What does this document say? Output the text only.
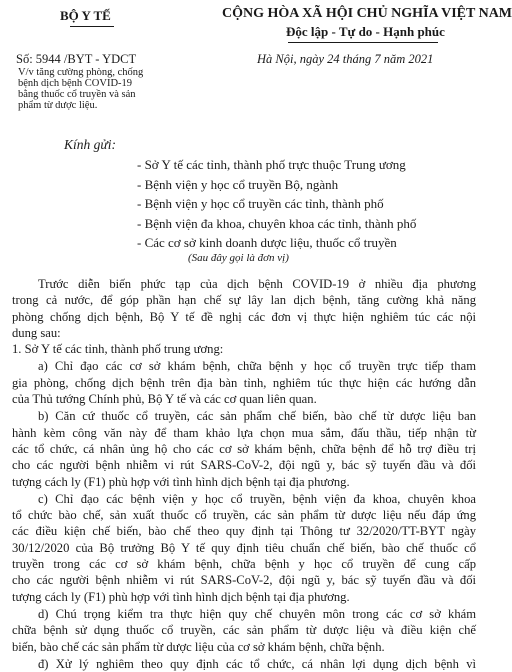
BỘ Y TẾ	CỘNG HÒA XÃ HỘI CHỦ NGHĨA VIỆT NAM
Độc lập - Tự do - Hạnh phúc
Số: 5944 /BYT - YDCT	Hà Nội, ngày 24 tháng 7 năm 2021
V/v tăng cường phòng, chống
bệnh dịch bệnh COVID-19
bằng thuốc cổ truyền và sản
phẩm từ dược liệu.
Kính gửi:
- Sở Y tế các tỉnh, thành phố trực thuộc Trung ương
- Bệnh viện y học cổ truyền Bộ, ngành
- Bệnh viện y học cổ truyền các tỉnh, thành phố
- Bệnh viện đa khoa, chuyên khoa các tỉnh, thành phố
- Các cơ sở kinh doanh dược liệu, thuốc cổ truyền
(Sau đây gọi là đơn vị)

Trước diễn biến phức tạp của dịch bệnh COVID-19 ở nhiều địa phương
trong cả nước, để góp phần hạn chế sự lây lan dịch bệnh, tăng cường khả năng
phòng chống dịch bệnh, Bộ Y tế đề nghị các đơn vị thực hiện nghiêm túc các nội
dung sau:

1. Sở Y tế các tỉnh, thành phố trung ương:

a) Chỉ đạo các cơ sở khám bệnh, chữa bệnh y học cổ truyền trực tiếp tham
gia phòng, chống dịch bệnh trên địa bàn tỉnh, nghiêm túc thực hiện các hướng dẫn
của Thủ tướng Chính phủ, Bộ Y tế và các cơ quan liên quan.

b) Căn cứ thuốc cổ truyền, các sản phẩm chế biến, bào chế từ dược liệu ban
hành kèm công văn này để tham khảo lựa chọn mua sắm, đấu thầu, tiếp nhận từ
các tổ chức, cá nhân ủng hộ cho các cơ sở khám bệnh, chữa bệnh để hỗ trợ điều trị
cho các người bệnh nhiễm vi rút SARS-CoV-2, đội ngũ y, bác sỹ tuyến đầu và đối
tượng cách ly (F1) phù hợp với tình hình dịch bệnh tại địa phương.

c) Chỉ đạo các bệnh viện y học cổ truyền, bệnh viện đa khoa, chuyên khoa
tổ chức bào chế, sản xuất thuốc cổ truyền, các sản phẩm từ dược liệu nếu đáp ứng
các điều kiện chế biến, bào chế theo quy định tại Thông tư 32/2020/TT-BYT ngày
30/12/2020 của Bộ trưởng Bộ Y tế quy định tiêu chuẩn chế biến, bào chế thuốc cổ
truyền trong các cơ sở khám bệnh, chữa bệnh y học cổ truyền để cung cấp
cho các người bệnh nhiễm vi rút SARS-CoV-2, đội ngũ y, bác sỹ tuyến đầu và đối
tượng cách ly (F1) phù hợp với tình hình dịch bệnh tại địa phương.

d) Chú trọng kiểm tra thực hiện quy chế chuyên môn trong các cơ sở khám
chữa bệnh sử dụng thuốc cổ truyền, các sản phẩm từ dược liệu và điều kiện chế
biến, bào chế các sản phẩm từ dược liệu của cơ sở khám bệnh, chữa bệnh.

đ) Xử lý nghiêm theo quy định các tổ chức, cá nhân lợi dụng dịch bệnh vì
